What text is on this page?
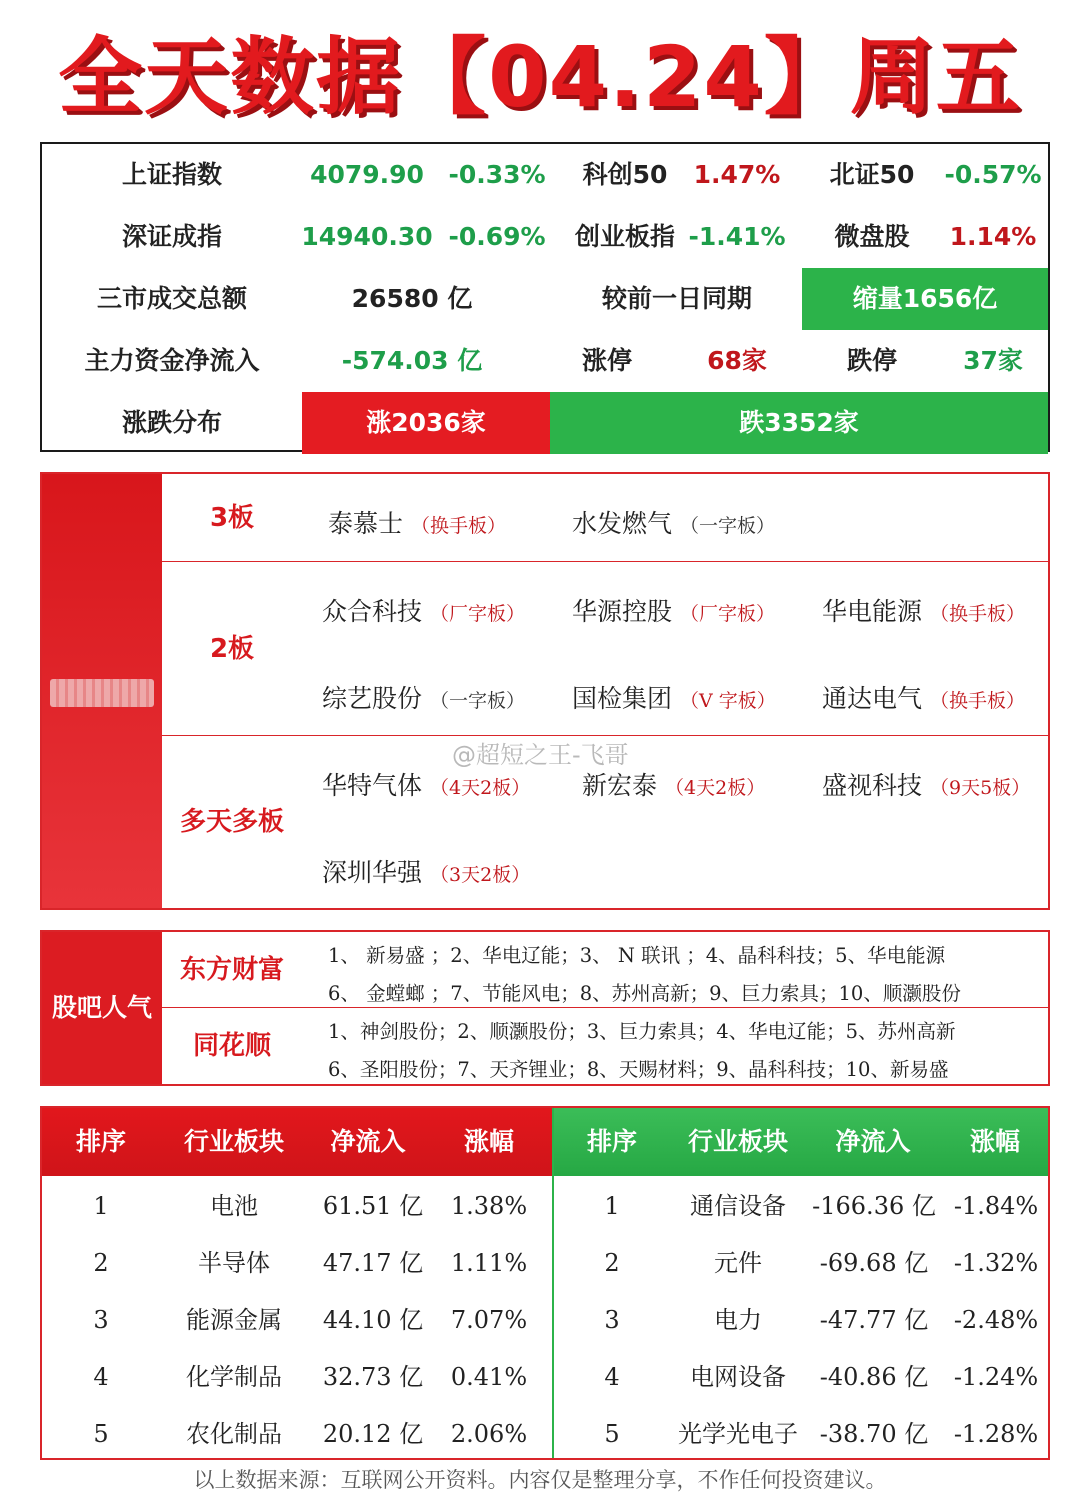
全天数据【04.24】周五
上证指数	4079.90 -0.33%	科创50	1.47%	北证50	-0.57%
深证成指	14940.30 -0.69%	创业板指 -1.41%	微盘股	1.14%
三市成交总额	26580 亿	较前一日同期	缩量1656亿
主力资金净流入	-574.03 亿	涨停	68家	跌停	37家
涨跌分布	涨2036家	跌3352家
3板	泰慕士 （换手板）	水发燃气 （一字板）
2板
众合科技 （厂字板） 华源控股 （厂字板） 华电能源 （换手板）
综艺股份 （一字板） 国检集团 （V 字板） 通达电气 （换手板）
多天多板
华特气体 （4天2板） 新宏泰 （4天2板） 盛视科技 （9天5板）
深圳华强 （3天2板）
@超短之王-飞哥
股吧人气
东方财富	1、 新易盛 ；2、华电辽能；3、 N 联讯 ；4、晶科科技；5、华电能源
6、 金螳螂 ；7、节能风电；8、苏州高新；9、巨力索具；10、顺灏股份
同花顺	1、神剑股份；2、顺灏股份；3、巨力索具；4、华电辽能；5、苏州高新
6、圣阳股份；7、天齐锂业；8、天赐材料；9、晶科科技；10、新易盛
排序	行业板块	净流入	涨幅
1	电池	61.51 亿	1.38%
2	半导体	47.17 亿	1.11%
3	能源金属	44.10 亿	7.07%
4	化学制品	32.73 亿	0.41%
5	农化制品	20.12 亿	2.06%
排序	行业板块	净流入	涨幅
1	通信设备	-166.36 亿 -1.84%
2	元件	-69.68 亿	-1.32%
3	电力	-47.77 亿	-2.48%
4	电网设备	-40.86 亿	-1.24%
5	光学光电子 -38.70 亿	-1.28%
以上数据来源：互联网公开资料。内容仅是整理分享，不作任何投资建议。
